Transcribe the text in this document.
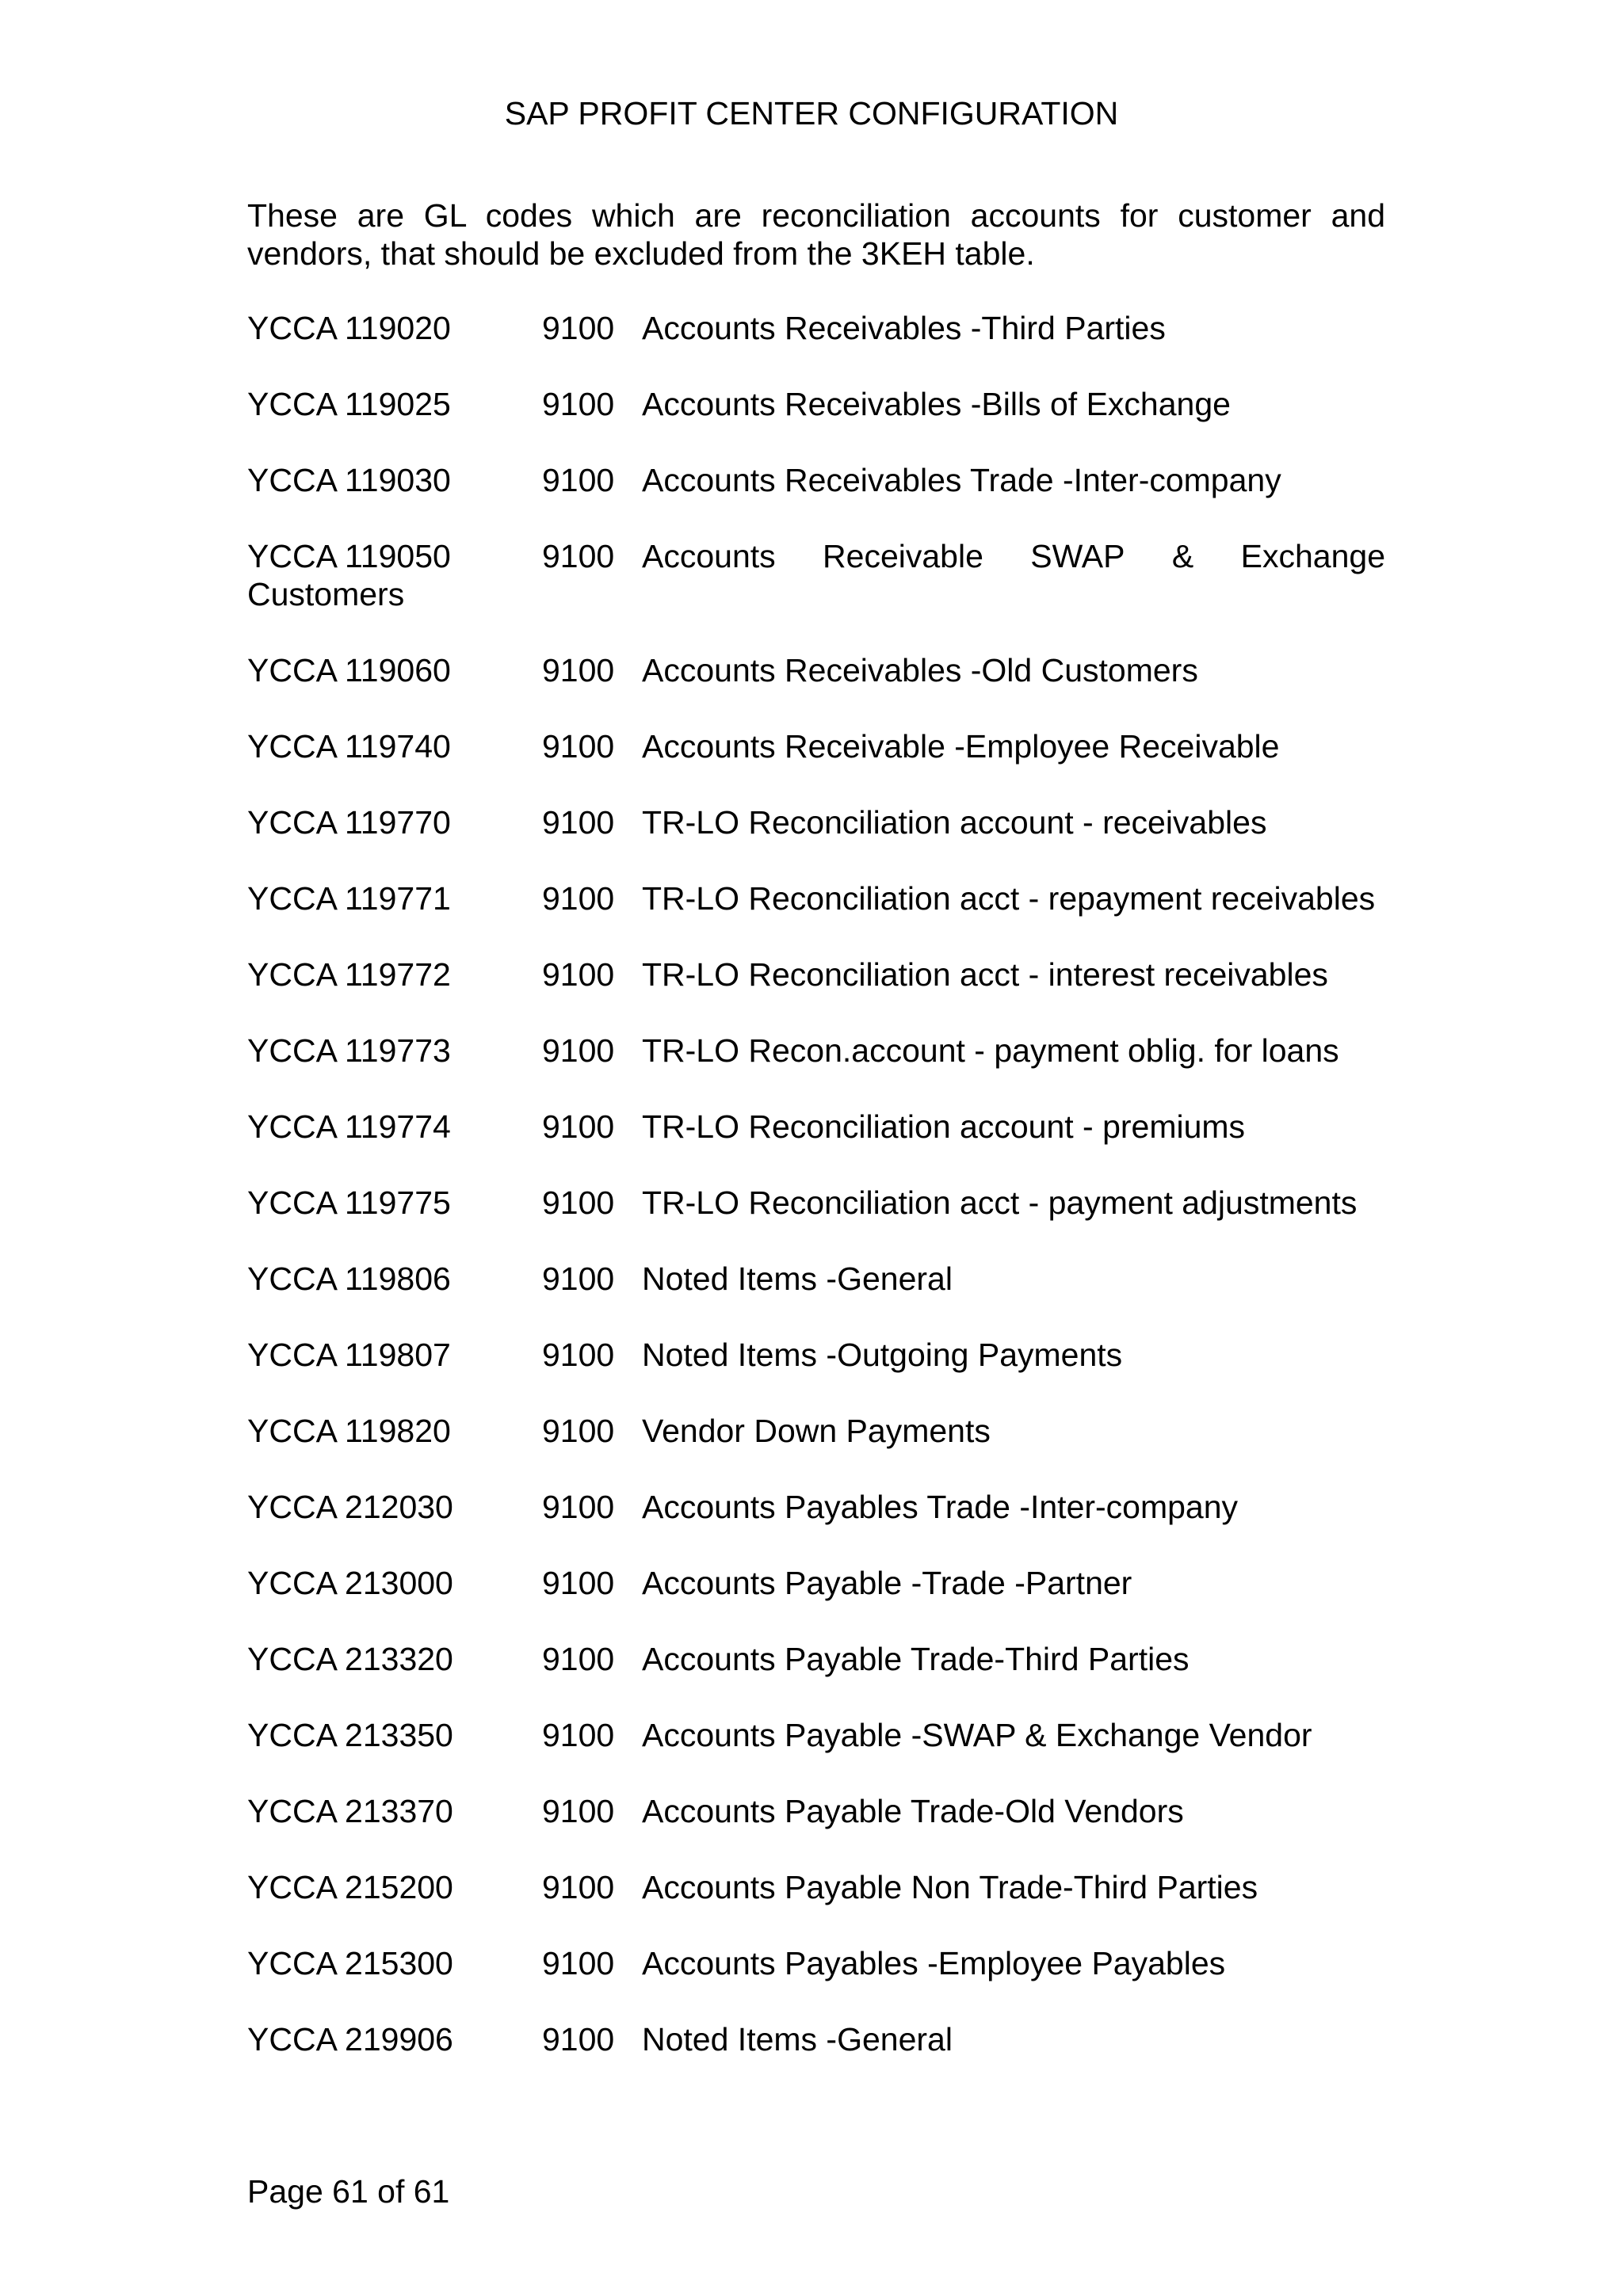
SAP PROFIT CENTER CONFIGURATION

These are GL codes which are reconciliation accounts for customer and vendors, that should be excluded from the 3KEH table.

YCCA 119020	9100 Accounts Receivables -Third Parties
YCCA 119025	9100 Accounts Receivables -Bills of Exchange
YCCA 119030	9100 Accounts Receivables Trade -Inter-company
YCCA 119050	9100 Accounts Receivable SWAP & Exchange
Customers
YCCA 119060	9100 Accounts Receivables -Old Customers
YCCA 119740	9100 Accounts Receivable -Employee Receivable
YCCA 119770	9100 TR-LO Reconciliation account - receivables
YCCA 119771	9100 TR-LO Reconciliation acct - repayment receivables
YCCA 119772	9100 TR-LO Reconciliation acct - interest receivables
YCCA 119773	9100 TR-LO Recon.account - payment oblig. for loans
YCCA 119774	9100 TR-LO Reconciliation account - premiums
YCCA 119775	9100 TR-LO Reconciliation acct - payment adjustments
YCCA 119806	9100 Noted Items -General
YCCA 119807	9100 Noted Items -Outgoing Payments
YCCA 119820	9100 Vendor Down Payments
YCCA 212030	9100 Accounts Payables Trade -Inter-company
YCCA 213000	9100 Accounts Payable -Trade -Partner
YCCA 213320	9100 Accounts Payable Trade-Third Parties
YCCA 213350	9100 Accounts Payable -SWAP & Exchange Vendor
YCCA 213370	9100 Accounts Payable Trade-Old Vendors
YCCA 215200	9100 Accounts Payable Non Trade-Third Parties
YCCA 215300	9100 Accounts Payables -Employee Payables
YCCA 219906	9100 Noted Items -General
Page 61 of 61
